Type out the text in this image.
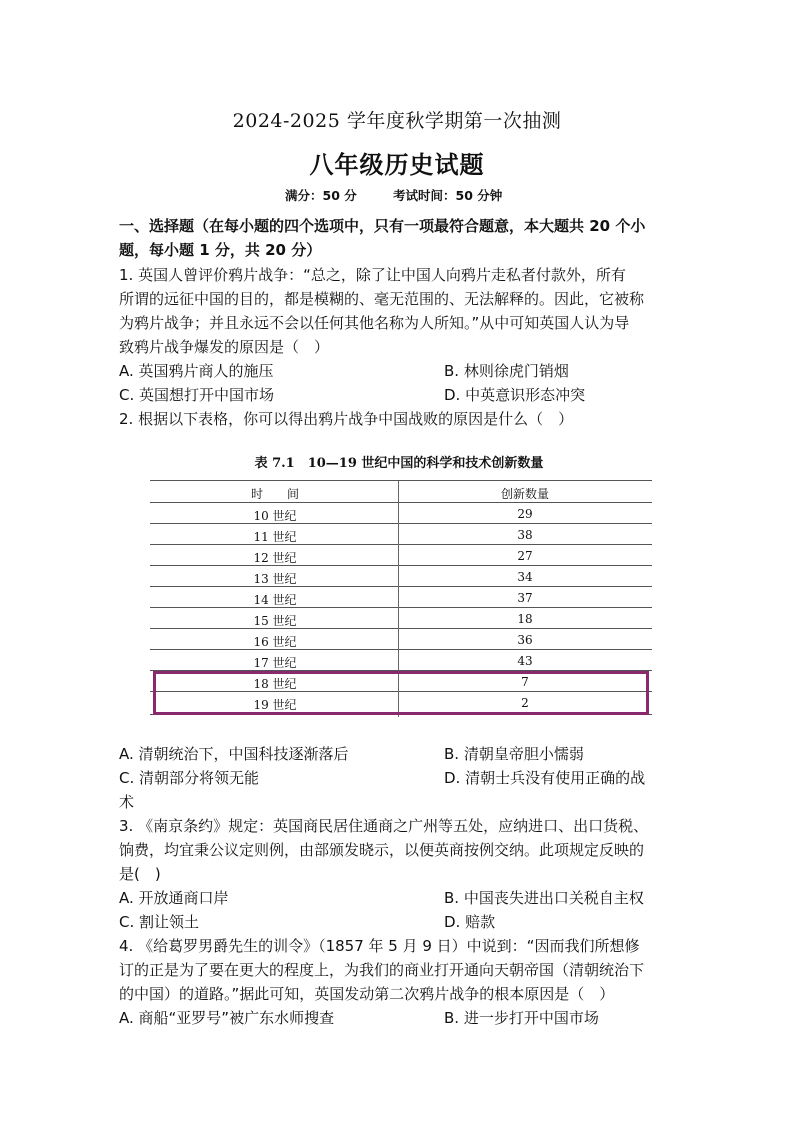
2024-2025 学年度秋学期第一次抽测
八年级历史试题
满分：50 分	考试时间：50 分钟
一、选择题（在每小题的四个选项中，只有一项最符合题意，本大题共 20 个小
题，每小题 1 分，共 20 分）
1. 英国人曾评价鸦片战争：“总之，除了让中国人向鸦片走私者付款外，所有
所谓的远征中国的目的，都是模糊的、毫无范围的、无法解释的。因此，它被称
为鸦片战争；并且永远不会以任何其他名称为人所知。”从中可知英国人认为导
致鸦片战争爆发的原因是（　）
A. 英国鸦片商人的施压	B. 林则徐虎门销烟
C. 英国想打开中国市场	D. 中英意识形态冲突
2. 根据以下表格，你可以得出鸦片战争中国战败的原因是什么（　）
表 7.1　10—19 世纪中国的科学和技术创新数量
时　　间	创新数量
10 世纪	29
11 世纪	38
12 世纪	27
13 世纪	34
14 世纪	37
15 世纪	18
16 世纪	36
17 世纪	43
18 世纪	7
19 世纪	2
A. 清朝统治下，中国科技逐渐落后	B. 清朝皇帝胆小懦弱
C. 清朝部分将领无能	D. 清朝士兵没有使用正确的战
术
3. 《南京条约》规定：英国商民居住通商之广州等五处，应纳进口、出口货税、
饷费，均宜秉公议定则例，由部颁发晓示，以便英商按例交纳。此项规定反映的
是(　)
A. 开放通商口岸	B. 中国丧失进出口关税自主权
C. 割让领土	D. 赔款
4. 《给葛罗男爵先生的训令》（1857 年 5 月 9 日）中说到：“因而我们所想修
订的正是为了要在更大的程度上，为我们的商业打开通向天朝帝国（清朝统治下
的中国）的道路。”据此可知，英国发动第二次鸦片战争的根本原因是（　）
A. 商船“亚罗号”被广东水师搜查	B. 进一步打开中国市场
